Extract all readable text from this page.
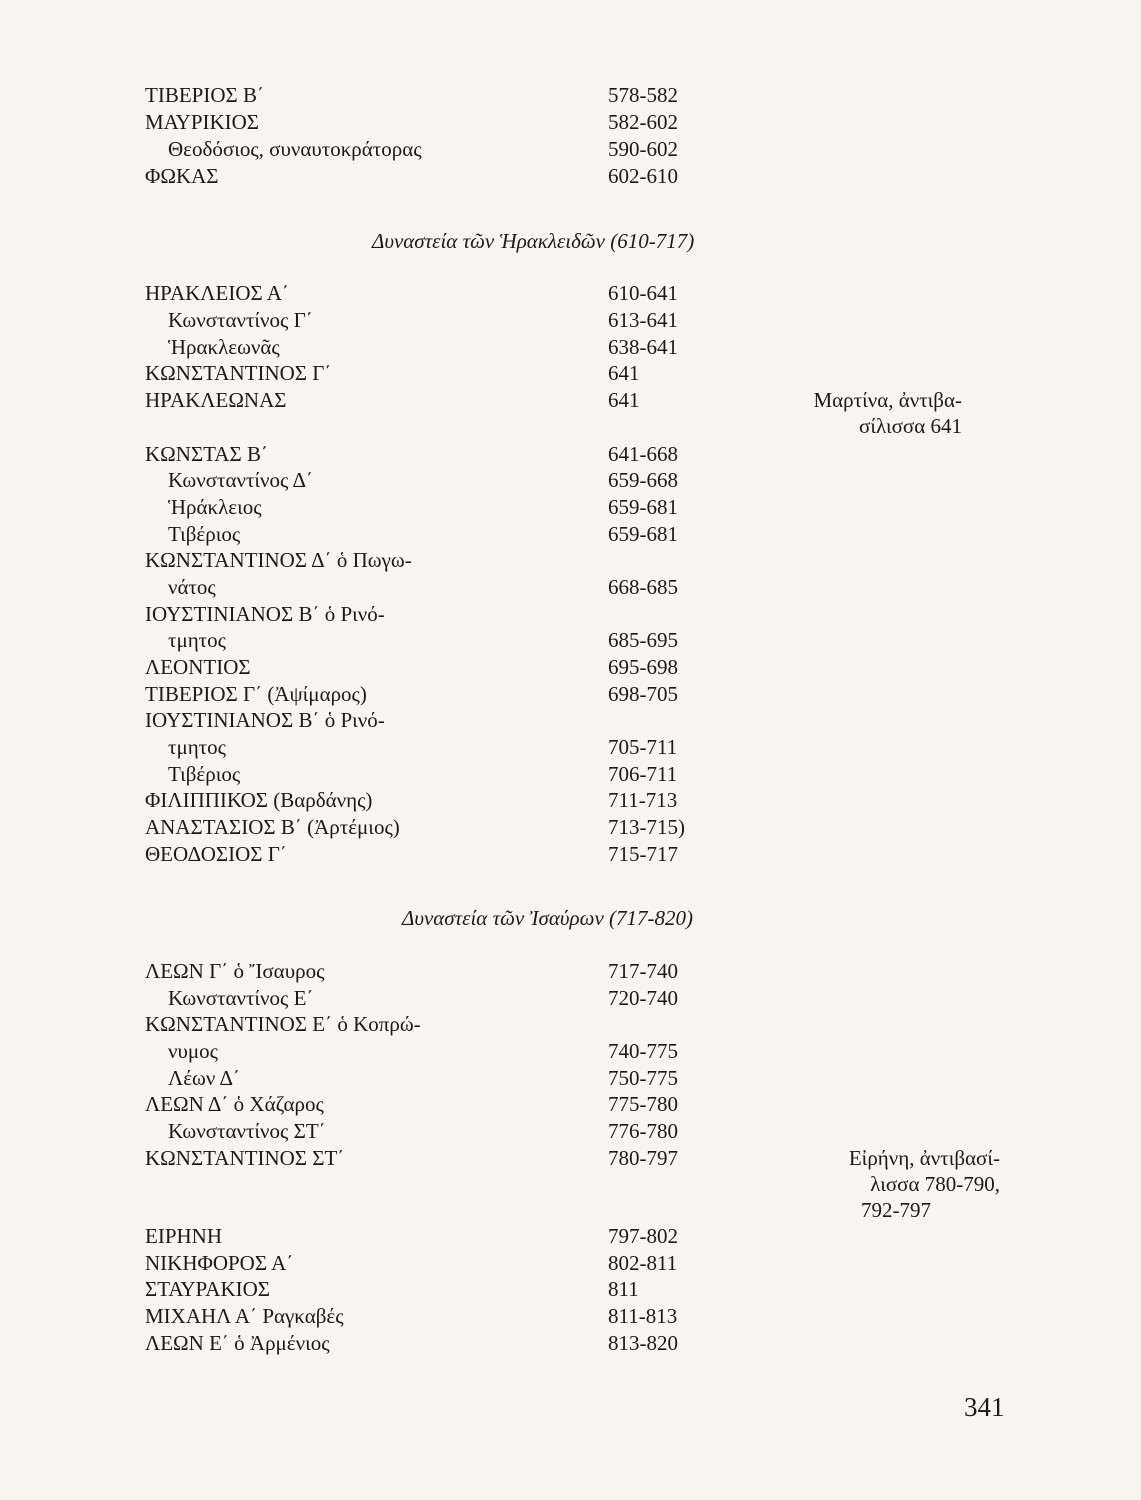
ΤΙΒΕΡΙΟΣ Β΄	578-582
ΜΑΥΡΙΚΙΟΣ	582-602
Θεοδόσιος, συναυτοκράτορας	590-602
ΦΩΚΑΣ	602-610
Δυναστεία τῶν Ἡρακλειδῶν (610-717)
ΗΡΑΚΛΕΙΟΣ Α΄	610-641
Κωνσταντίνος Γ΄	613-641
Ἡρακλεωνᾶς	638-641
ΚΩΝΣΤΑΝΤΙΝΟΣ Γ΄	641
ΗΡΑΚΛΕΩΝΑΣ	641	Μαρτίνα, ἀντιβα-
σίλισσα 641
ΚΩΝΣΤΑΣ Β΄	641-668
Κωνσταντίνος Δ΄	659-668
Ἡράκλειος	659-681
Τιβέριος	659-681
ΚΩΝΣΤΑΝΤΙΝΟΣ Δ΄ ὁ Πωγω-
νάτος	668-685
ΙΟΥΣΤΙΝΙΑΝΟΣ Β΄ ὁ Ρινό-
τμητος	685-695
ΛΕΟΝΤΙΟΣ	695-698
ΤΙΒΕΡΙΟΣ Γ΄ (Ἀψίμαρος)	698-705
ΙΟΥΣΤΙΝΙΑΝΟΣ Β΄ ὁ Ρινό-
τμητος	705-711
Τιβέριος	706-711
ΦΙΛΙΠΠΙΚΟΣ (Βαρδάνης)	711-713
ΑΝΑΣΤΑΣΙΟΣ Β΄ (Ἀρτέμιος)	713-715)
ΘΕΟΔΟΣΙΟΣ Γ΄	715-717
Δυναστεία τῶν Ἰσαύρων (717-820)
ΛΕΩΝ Γ΄ ὁ Ἴσαυρος	717-740
Κωνσταντίνος Ε΄	720-740
ΚΩΝΣΤΑΝΤΙΝΟΣ Ε΄ ὁ Κοπρώ-
νυμος	740-775
Λέων Δ΄	750-775
ΛΕΩΝ Δ΄ ὁ Χάζαρος	775-780
Κωνσταντίνος ΣΤ΄	776-780
ΚΩΝΣΤΑΝΤΙΝΟΣ ΣΤ΄	780-797	Εἰρήνη, ἀντιβασί-
λισσα 780-790,
792-797
ΕΙΡΗΝΗ	797-802
ΝΙΚΗΦΟΡΟΣ Α΄	802-811
ΣΤΑΥΡΑΚΙΟΣ	811
ΜΙΧΑΗΛ Α΄ Ραγκαβές	811-813
ΛΕΩΝ Ε΄ ὁ Ἀρμένιος	813-820
341
